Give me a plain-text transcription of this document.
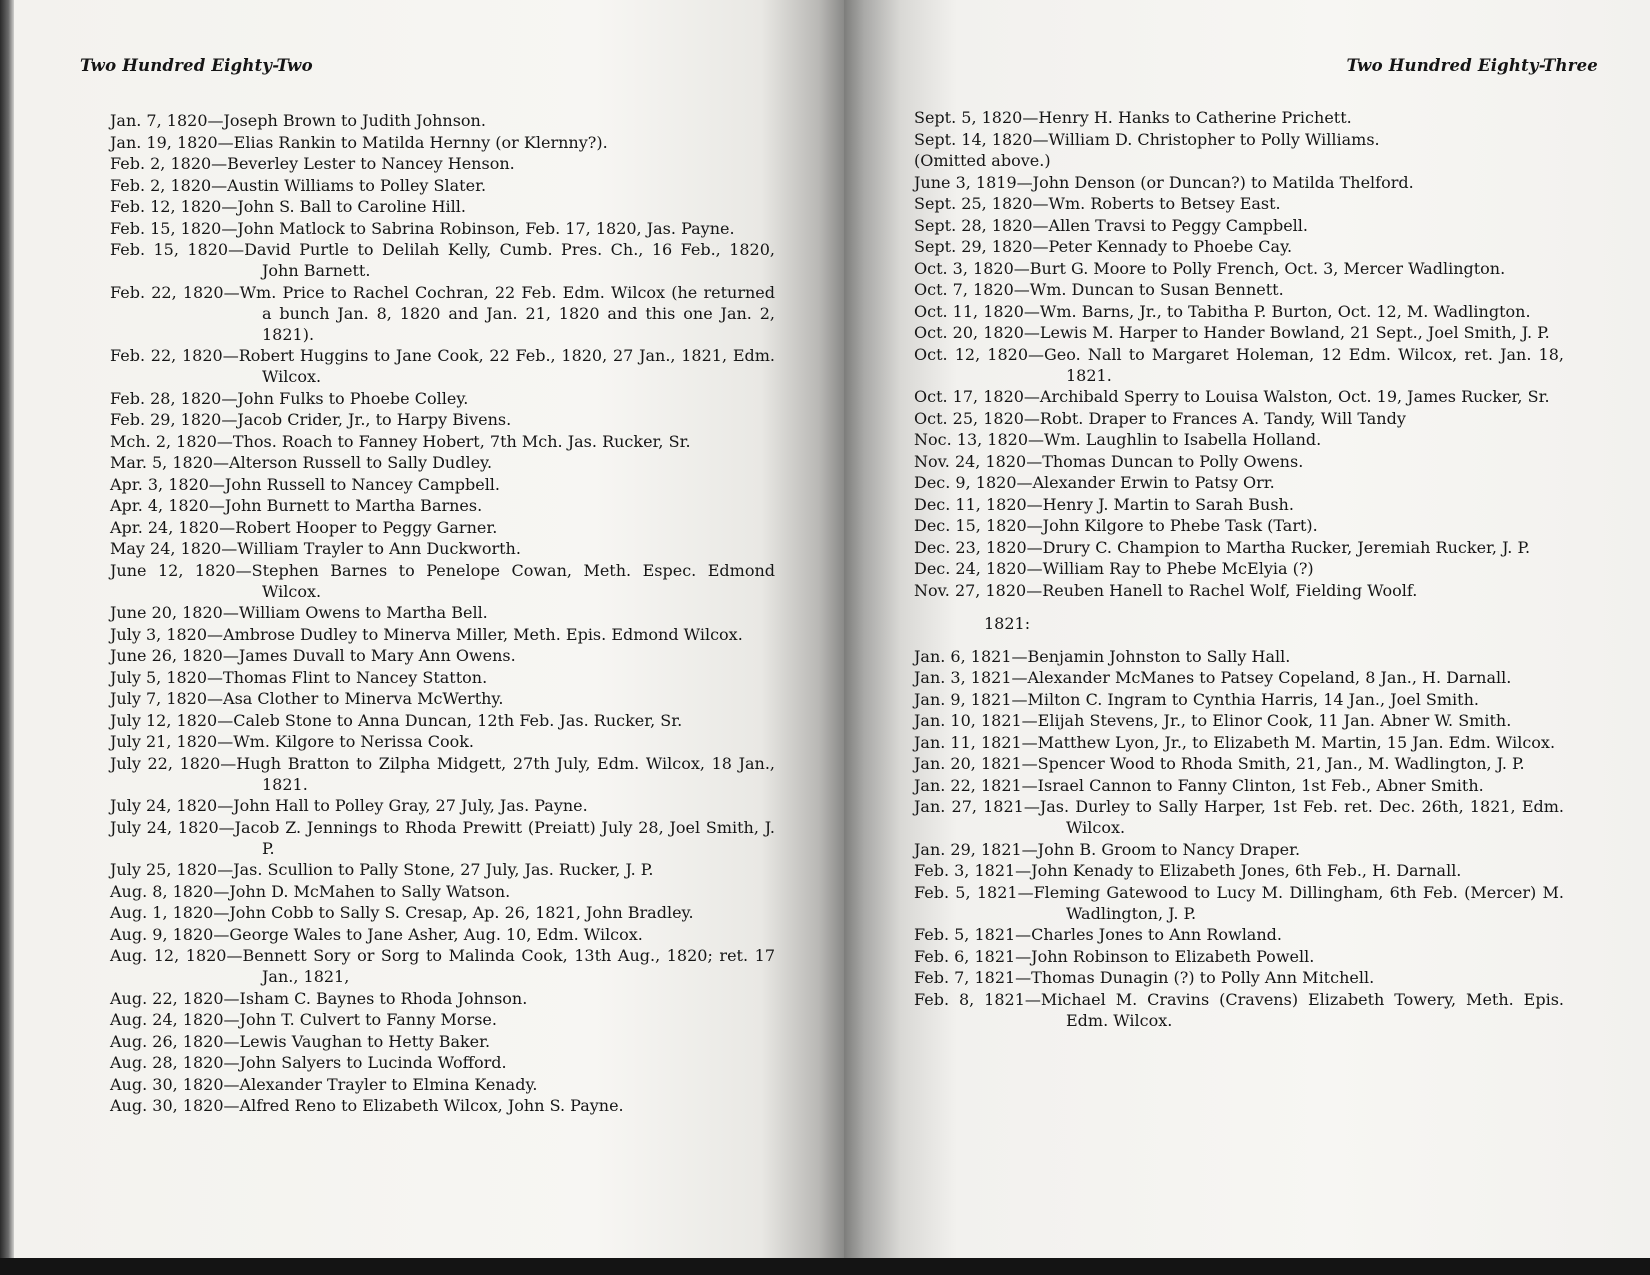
Two Hundred Eighty-Two
Jan. 7, 1820—Joseph Brown to Judith Johnson.
Jan. 19, 1820—Elias Rankin to Matilda Hernny (or Klernny?).
Feb. 2, 1820—Beverley Lester to Nancey Henson.
Feb. 2, 1820—Austin Williams to Polley Slater.
Feb. 12, 1820—John S. Ball to Caroline Hill.
Feb. 15, 1820—John Matlock to Sabrina Robinson, Feb. 17, 1820, Jas. Payne.
Feb. 15, 1820—David Purtle to Delilah Kelly, Cumb. Pres. Ch., 16 Feb., 1820, John Barnett.
Feb. 22, 1820—Wm. Price to Rachel Cochran, 22 Feb. Edm. Wilcox (he returned a bunch Jan. 8, 1820 and Jan. 21, 1820 and this one Jan. 2, 1821).
Feb. 22, 1820—Robert Huggins to Jane Cook, 22 Feb., 1820, 27 Jan., 1821, Edm. Wilcox.
Feb. 28, 1820—John Fulks to Phoebe Colley.
Feb. 29, 1820—Jacob Crider, Jr., to Harpy Bivens.
Mch. 2, 1820—Thos. Roach to Fanney Hobert, 7th Mch. Jas. Rucker, Sr.
Mar. 5, 1820—Alterson Russell to Sally Dudley.
Apr. 3, 1820—John Russell to Nancey Campbell.
Apr. 4, 1820—John Burnett to Martha Barnes.
Apr. 24, 1820—Robert Hooper to Peggy Garner.
May 24, 1820—William Trayler to Ann Duckworth.
June 12, 1820—Stephen Barnes to Penelope Cowan, Meth. Espec. Edmond Wilcox.
June 20, 1820—William Owens to Martha Bell.
July 3, 1820—Ambrose Dudley to Minerva Miller, Meth. Epis. Edmond Wilcox.
June 26, 1820—James Duvall to Mary Ann Owens.
July 5, 1820—Thomas Flint to Nancey Statton.
July 7, 1820—Asa Clother to Minerva McWerthy.
July 12, 1820—Caleb Stone to Anna Duncan, 12th Feb. Jas. Rucker, Sr.
July 21, 1820—Wm. Kilgore to Nerissa Cook.
July 22, 1820—Hugh Bratton to Zilpha Midgett, 27th July, Edm. Wilcox, 18 Jan., 1821.
July 24, 1820—John Hall to Polley Gray, 27 July, Jas. Payne.
July 24, 1820—Jacob Z. Jennings to Rhoda Prewitt (Preiatt) July 28, Joel Smith, J. P.
July 25, 1820—Jas. Scullion to Pally Stone, 27 July, Jas. Rucker, J. P.
Aug. 8, 1820—John D. McMahen to Sally Watson.
Aug. 1, 1820—John Cobb to Sally S. Cresap, Ap. 26, 1821, John Bradley.
Aug. 9, 1820—George Wales to Jane Asher, Aug. 10, Edm. Wilcox.
Aug. 12, 1820—Bennett Sory or Sorg to Malinda Cook, 13th Aug., 1820; ret. 17 Jan., 1821,
Aug. 22, 1820—Isham C. Baynes to Rhoda Johnson.
Aug. 24, 1820—John T. Culvert to Fanny Morse.
Aug. 26, 1820—Lewis Vaughan to Hetty Baker.
Aug. 28, 1820—John Salyers to Lucinda Wofford.
Aug. 30, 1820—Alexander Trayler to Elmina Kenady.
Aug. 30, 1820—Alfred Reno to Elizabeth Wilcox, John S. Payne.
Two Hundred Eighty-Three
Sept. 5, 1820—Henry H. Hanks to Catherine Prichett.
Sept. 14, 1820—William D. Christopher to Polly Williams.
(Omitted above.)
June 3, 1819—John Denson (or Duncan?) to Matilda Thelford.
Sept. 25, 1820—Wm. Roberts to Betsey East.
Sept. 28, 1820—Allen Travsi to Peggy Campbell.
Sept. 29, 1820—Peter Kennady to Phoebe Cay.
Oct. 3, 1820—Burt G. Moore to Polly French, Oct. 3, Mercer Wadlington.
Oct. 7, 1820—Wm. Duncan to Susan Bennett.
Oct. 11, 1820—Wm. Barns, Jr., to Tabitha P. Burton, Oct. 12, M. Wadlington.
Oct. 20, 1820—Lewis M. Harper to Hander Bowland, 21 Sept., Joel Smith, J. P.
Oct. 12, 1820—Geo. Nall to Margaret Holeman, 12 Edm. Wilcox, ret. Jan. 18, 1821.
Oct. 17, 1820—Archibald Sperry to Louisa Walston, Oct. 19, James Rucker, Sr.
Oct. 25, 1820—Robt. Draper to Frances A. Tandy, Will Tandy
Noc. 13, 1820—Wm. Laughlin to Isabella Holland.
Nov. 24, 1820—Thomas Duncan to Polly Owens.
Dec. 9, 1820—Alexander Erwin to Patsy Orr.
Dec. 11, 1820—Henry J. Martin to Sarah Bush.
Dec. 15, 1820—John Kilgore to Phebe Task (Tart).
Dec. 23, 1820—Drury C. Champion to Martha Rucker, Jeremiah Rucker, J. P.
Dec. 24, 1820—William Ray to Phebe McElyia (?)
Nov. 27, 1820—Reuben Hanell to Rachel Wolf, Fielding Woolf.
1821:
Jan. 6, 1821—Benjamin Johnston to Sally Hall.
Jan. 3, 1821—Alexander McManes to Patsey Copeland, 8 Jan., H. Darnall.
Jan. 9, 1821—Milton C. Ingram to Cynthia Harris, 14 Jan., Joel Smith.
Jan. 10, 1821—Elijah Stevens, Jr., to Elinor Cook, 11 Jan. Abner W. Smith.
Jan. 11, 1821—Matthew Lyon, Jr., to Elizabeth M. Martin, 15 Jan. Edm. Wilcox.
Jan. 20, 1821—Spencer Wood to Rhoda Smith, 21, Jan., M. Wadlington, J. P.
Jan. 22, 1821—Israel Cannon to Fanny Clinton, 1st Feb., Abner Smith.
Jan. 27, 1821—Jas. Durley to Sally Harper, 1st Feb. ret. Dec. 26th, 1821, Edm. Wilcox.
Jan. 29, 1821—John B. Groom to Nancy Draper.
Feb. 3, 1821—John Kenady to Elizabeth Jones, 6th Feb., H. Darnall.
Feb. 5, 1821—Fleming Gatewood to Lucy M. Dillingham, 6th Feb. (Mercer) M. Wadlington, J. P.
Feb. 5, 1821—Charles Jones to Ann Rowland.
Feb. 6, 1821—John Robinson to Elizabeth Powell.
Feb. 7, 1821—Thomas Dunagin (?) to Polly Ann Mitchell.
Feb. 8, 1821—Michael M. Cravins (Cravens) Elizabeth Towery, Meth. Epis. Edm. Wilcox.
